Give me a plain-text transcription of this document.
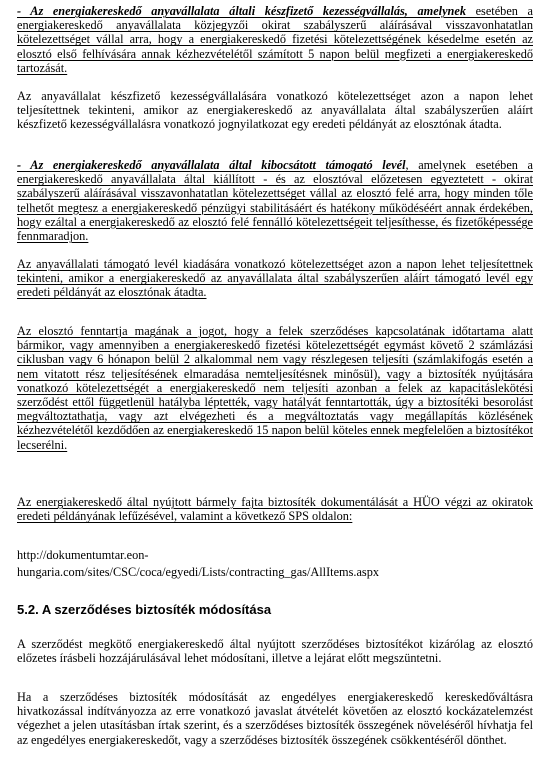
- Az energiakereskedő anyavállalata általi készfizető kezességvállalás, amelynek esetében a energiakereskedő anyavállalata közjegyzői okirat szabályszerű aláírásával visszavonhatatlan kötelezettséget vállal arra, hogy a energiakereskedő fizetési kötelezettségének késedelme esetén az elosztó első felhívására annak kézhezvételétől számított 5 napon belül megfizeti a energiakereskedő tartozását.

Az anyavállalat készfizető kezességvállalására vonatkozó kötelezettséget azon a napon lehet teljesítettnek tekinteni, amikor az energiakereskedő az anyavállalata által szabályszerűen aláírt készfizető kezességvállalásra vonatkozó jognyilatkozat egy eredeti példányát az elosztónak átadta.

- Az energiakereskedő anyavállalata által kibocsátott támogató levél, amelynek esetében a energiakereskedő anyavállalata által kiállított - és az elosztóval előzetesen egyeztetett - okirat szabályszerű aláírásával visszavonhatatlan kötelezettséget vállal az elosztó felé arra, hogy minden tőle telhetőt megtesz a energiakereskedő pénzügyi stabilitásáért és hatékony működéséért annak érdekében, hogy ezáltal a energiakereskedő az elosztó felé fennálló kötelezettségeit teljesíthesse, és fizetőképessége fennmaradjon.

Az anyavállalati támogató levél kiadására vonatkozó kötelezettséget azon a napon lehet teljesítettnek tekinteni, amikor a energiakereskedő az anyavállalata által szabályszerűen aláírt támogató levél egy eredeti példányát az elosztónak átadta.

Az elosztó fenntartja magának a jogot, hogy a felek szerződéses kapcsolatának időtartama alatt bármikor, vagy amennyiben a energiakereskedő fizetési kötelezettségét egymást követő 2 számlázási ciklusban vagy 6 hónapon belül 2 alkalommal nem vagy részlegesen teljesíti (számlakifogás esetén a nem vitatott rész teljesítésének elmaradása nemteljesítésnek minősül), vagy a biztosíték nyújtására vonatkozó kötelezettségét a energiakereskedő nem teljesíti azonban a felek az kapacitáslekötési szerződést ettől függetlenül hatályba léptették, vagy hatályát fenntartották, úgy a biztosítéki besorolást megváltoztathatja, vagy azt elvégezheti és a megváltoztatás vagy megállapítás közlésének kézhezvételétől kezdődően az energiakereskedő 15 napon belül köteles ennek megfelelően a biztosítékot lecserélni.

Az energiakereskedő által nyújtott bármely fajta biztosíték dokumentálását a HÜO végzi az okiratok eredeti példányának lefűzésével, valamint a következő SPS oldalon:

http://dokumentumtar.eon-
hungaria.com/sites/CSC/coca/egyedi/Lists/contracting_gas/AllItems.aspx

5.2. A szerződéses biztosíték módosítása

A szerződést megkötő energiakereskedő által nyújtott szerződéses biztosítékot kizárólag az elosztó előzetes írásbeli hozzájárulásával lehet módosítani, illetve a lejárat előtt megszüntetni.

Ha a szerződéses biztosíték módosítását az engedélyes energiakereskedő kereskedőváltásra hivatkozással indítványozza az erre vonatkozó javaslat átvételét követően az elosztó kockázatelemzést végezhet a jelen utasításban írtak szerint, és a szerződéses biztosíték összegének növeléséről hívhatja fel az engedélyes energiakereskedőt, vagy a szerződéses biztosíték összegének csökkentéséről dönthet.
